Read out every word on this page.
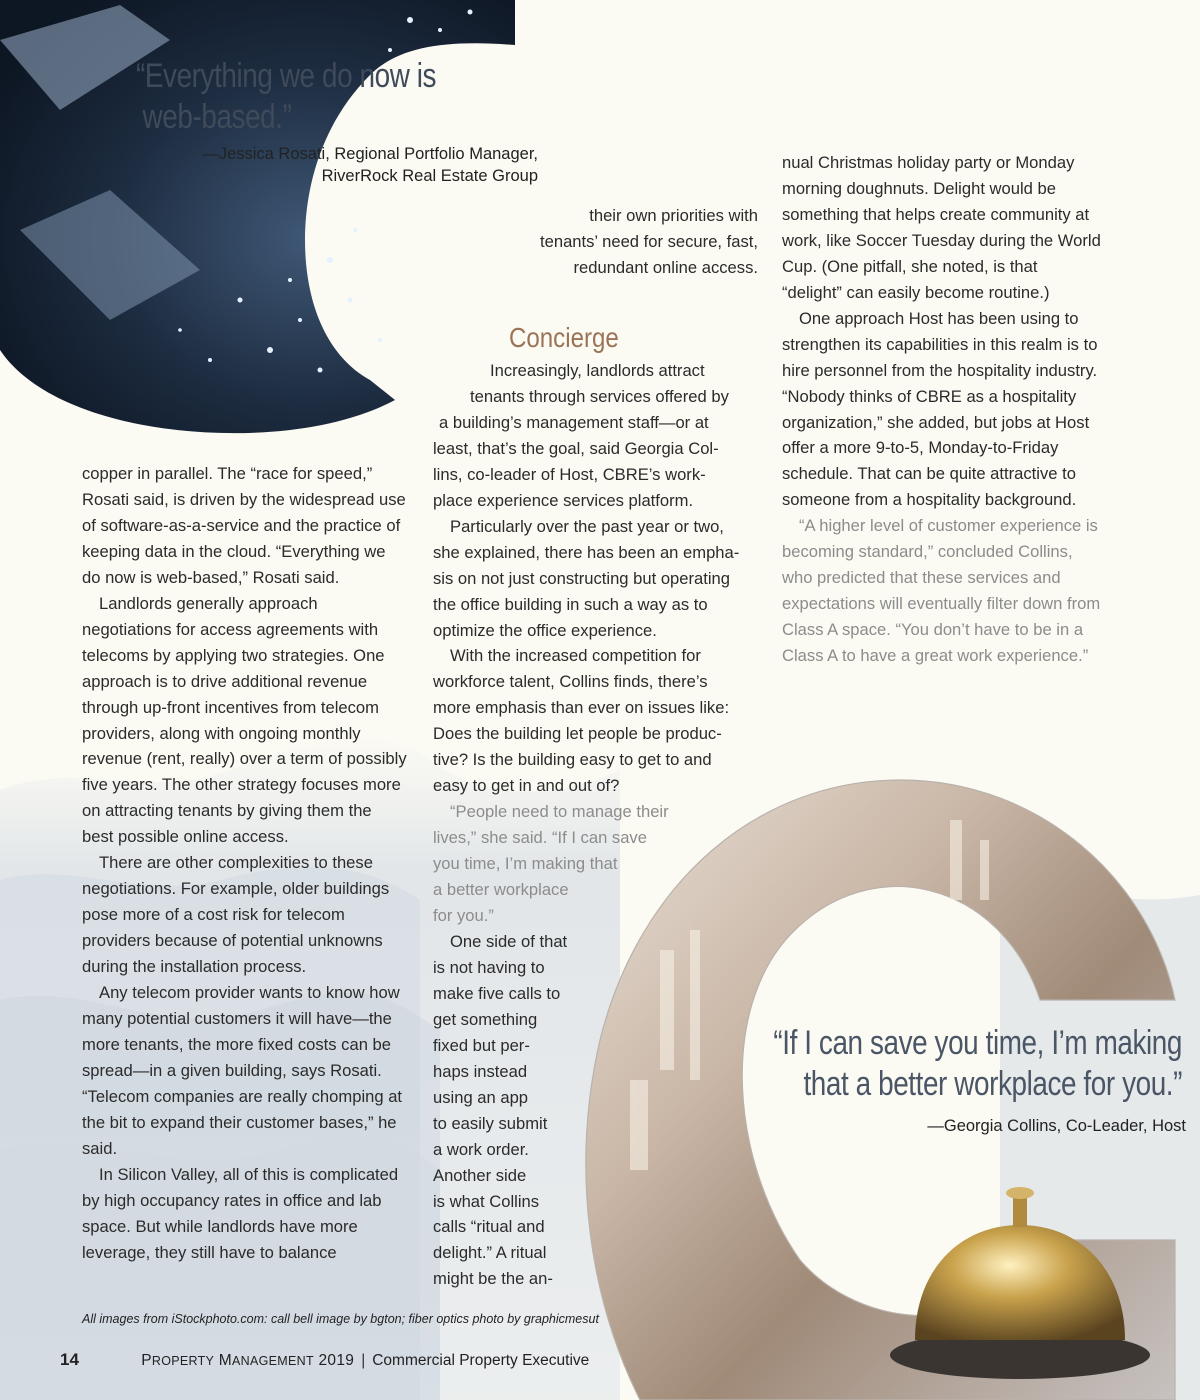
“Everything we do now is

web-based.”
—Jessica Rosati, Regional Portfolio Manager,
RiverRock Real Estate Group

copper in parallel. The “race for speed,” Rosati said, is driven by the widespread use of software-as-a-service and the practice of keeping data in the cloud. “Everything we do now is web-based,” Rosati said.

Landlords generally approach negotiations for access agreements with telecoms by applying two strategies. One approach is to drive additional revenue through up-front incentives from telecom providers, along with ongoing monthly revenue (rent, really) over a term of possibly five years. The other strategy focuses more on attracting tenants by giving them the best possible online access.

There are other complexities to these negotiations. For example, older buildings pose more of a cost risk for telecom providers because of potential unknowns during the installation process.

Any telecom provider wants to know how many potential customers it will have—the more tenants, the more fixed costs can be spread—in a given building, says Rosati. “Telecom companies are really chomping at the bit to expand their customer bases,” he said.

In Silicon Valley, all of this is complicated by high occupancy rates in office and lab space. But while landlords have more leverage, they still have to balance

their own priorities with tenants’ need for secure, fast, redundant online access.

Concierge

Increasingly, landlords attract
tenants through services offered by
a building’s management staff—or at
least, that’s the goal, said Georgia Col-
lins, co-leader of Host, CBRE’s work-
place experience services platform.

Particularly over the past year or two,
she explained, there has been an empha-
sis on not just constructing but operating
the office building in such a way as to
optimize the office experience.

With the increased competition for
workforce talent, Collins finds, there’s
more emphasis than ever on issues like:
Does the building let people be produc-
tive? Is the building easy to get to and
easy to get in and out of?

“People need to manage their
lives,” she said. “If I can save
you time, I’m making that
a better workplace
for you.”

One side of that
is not having to
make five calls to
get something
fixed but per-
haps instead
using an app
to easily submit
a work order.
Another side
is what Collins
calls “ritual and
delight.” A ritual
might be the an-

nual Christmas holiday party or Monday morning doughnuts. Delight would be something that helps create community at work, like Soccer Tuesday during the World Cup. (One pitfall, she noted, is that “delight” can easily become routine.)

One approach Host has been using to strengthen its capabilities in this realm is to hire personnel from the hospitality industry. “Nobody thinks of CBRE as a hospitality organization,” she added, but jobs at Host offer a more 9-to-5, Monday-to-Friday schedule. That can be quite attractive to someone from a hospitality background.

“A higher level of customer experience is becoming standard,” concluded Collins, who predicted that these services and expectations will eventually filter down from Class A space. “You don’t have to be in a Class A to have a great work experience.”

“If I can save you time, I’m making
that a better workplace for you.”
—Georgia Collins, Co-Leader, Host
All images from iStockphoto.com: call bell image by bgton; fiber optics photo by graphicmesut
14	PROPERTY MANAGEMENT 2019 | Commercial Property Executive
